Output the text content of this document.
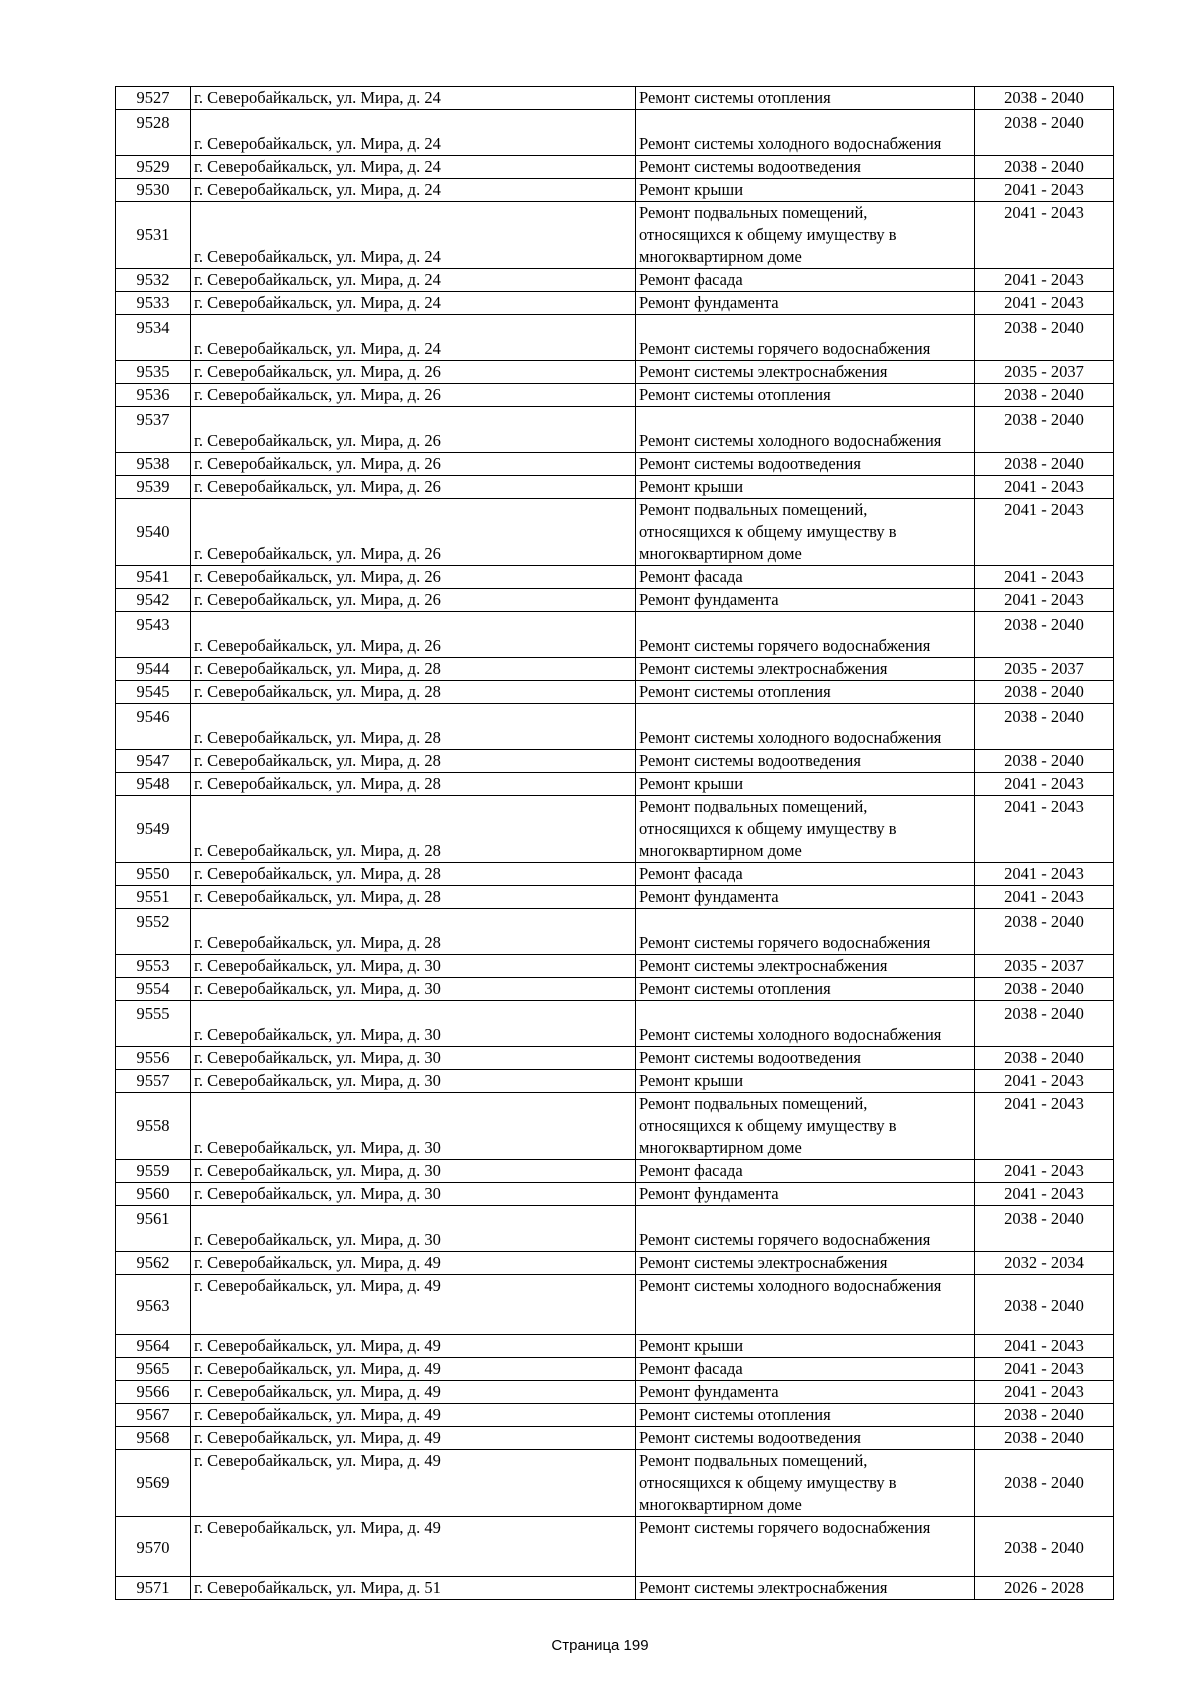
9527	г. Северобайкальск, ул. Мира, д. 24	Ремонт системы отопления	2038 - 2040
9528	г. Северобайкальск, ул. Мира, д. 24	Ремонт системы холодного водоснабжения	2038 - 2040
9529	г. Северобайкальск, ул. Мира, д. 24	Ремонт системы водоотведения	2038 - 2040
9530	г. Северобайкальск, ул. Мира, д. 24	Ремонт крыши	2041 - 2043
9531	г. Северобайкальск, ул. Мира, д. 24	Ремонт подвальных помещений,
относящихся к общему имуществу в
многоквартирном доме	2041 - 2043
9532	г. Северобайкальск, ул. Мира, д. 24	Ремонт фасада	2041 - 2043
9533	г. Северобайкальск, ул. Мира, д. 24	Ремонт фундамента	2041 - 2043
9534	г. Северобайкальск, ул. Мира, д. 24	Ремонт системы горячего водоснабжения	2038 - 2040
9535	г. Северобайкальск, ул. Мира, д. 26	Ремонт системы электроснабжения	2035 - 2037
9536	г. Северобайкальск, ул. Мира, д. 26	Ремонт системы отопления	2038 - 2040
9537	г. Северобайкальск, ул. Мира, д. 26	Ремонт системы холодного водоснабжения	2038 - 2040
9538	г. Северобайкальск, ул. Мира, д. 26	Ремонт системы водоотведения	2038 - 2040
9539	г. Северобайкальск, ул. Мира, д. 26	Ремонт крыши	2041 - 2043
9540	г. Северобайкальск, ул. Мира, д. 26	Ремонт подвальных помещений,
относящихся к общему имуществу в
многоквартирном доме	2041 - 2043
9541	г. Северобайкальск, ул. Мира, д. 26	Ремонт фасада	2041 - 2043
9542	г. Северобайкальск, ул. Мира, д. 26	Ремонт фундамента	2041 - 2043
9543	г. Северобайкальск, ул. Мира, д. 26	Ремонт системы горячего водоснабжения	2038 - 2040
9544	г. Северобайкальск, ул. Мира, д. 28	Ремонт системы электроснабжения	2035 - 2037
9545	г. Северобайкальск, ул. Мира, д. 28	Ремонт системы отопления	2038 - 2040
9546	г. Северобайкальск, ул. Мира, д. 28	Ремонт системы холодного водоснабжения	2038 - 2040
9547	г. Северобайкальск, ул. Мира, д. 28	Ремонт системы водоотведения	2038 - 2040
9548	г. Северобайкальск, ул. Мира, д. 28	Ремонт крыши	2041 - 2043
9549	г. Северобайкальск, ул. Мира, д. 28	Ремонт подвальных помещений,
относящихся к общему имуществу в
многоквартирном доме	2041 - 2043
9550	г. Северобайкальск, ул. Мира, д. 28	Ремонт фасада	2041 - 2043
9551	г. Северобайкальск, ул. Мира, д. 28	Ремонт фундамента	2041 - 2043
9552	г. Северобайкальск, ул. Мира, д. 28	Ремонт системы горячего водоснабжения	2038 - 2040
9553	г. Северобайкальск, ул. Мира, д. 30	Ремонт системы электроснабжения	2035 - 2037
9554	г. Северобайкальск, ул. Мира, д. 30	Ремонт системы отопления	2038 - 2040
9555	г. Северобайкальск, ул. Мира, д. 30	Ремонт системы холодного водоснабжения	2038 - 2040
9556	г. Северобайкальск, ул. Мира, д. 30	Ремонт системы водоотведения	2038 - 2040
9557	г. Северобайкальск, ул. Мира, д. 30	Ремонт крыши	2041 - 2043
9558	г. Северобайкальск, ул. Мира, д. 30	Ремонт подвальных помещений,
относящихся к общему имуществу в
многоквартирном доме	2041 - 2043
9559	г. Северобайкальск, ул. Мира, д. 30	Ремонт фасада	2041 - 2043
9560	г. Северобайкальск, ул. Мира, д. 30	Ремонт фундамента	2041 - 2043
9561	г. Северобайкальск, ул. Мира, д. 30	Ремонт системы горячего водоснабжения	2038 - 2040
9562	г. Северобайкальск, ул. Мира, д. 49	Ремонт системы электроснабжения	2032 - 2034
9563	г. Северобайкальск, ул. Мира, д. 49	Ремонт системы холодного водоснабжения	2038 - 2040
9564	г. Северобайкальск, ул. Мира, д. 49	Ремонт крыши	2041 - 2043
9565	г. Северобайкальск, ул. Мира, д. 49	Ремонт фасада	2041 - 2043
9566	г. Северобайкальск, ул. Мира, д. 49	Ремонт фундамента	2041 - 2043
9567	г. Северобайкальск, ул. Мира, д. 49	Ремонт системы отопления	2038 - 2040
9568	г. Северобайкальск, ул. Мира, д. 49	Ремонт системы водоотведения	2038 - 2040
9569	г. Северобайкальск, ул. Мира, д. 49	Ремонт подвальных помещений,
относящихся к общему имуществу в
многоквартирном доме	2038 - 2040
9570	г. Северобайкальск, ул. Мира, д. 49	Ремонт системы горячего водоснабжения	2038 - 2040
9571	г. Северобайкальск, ул. Мира, д. 51	Ремонт системы электроснабжения	2026 - 2028
Страница 199
